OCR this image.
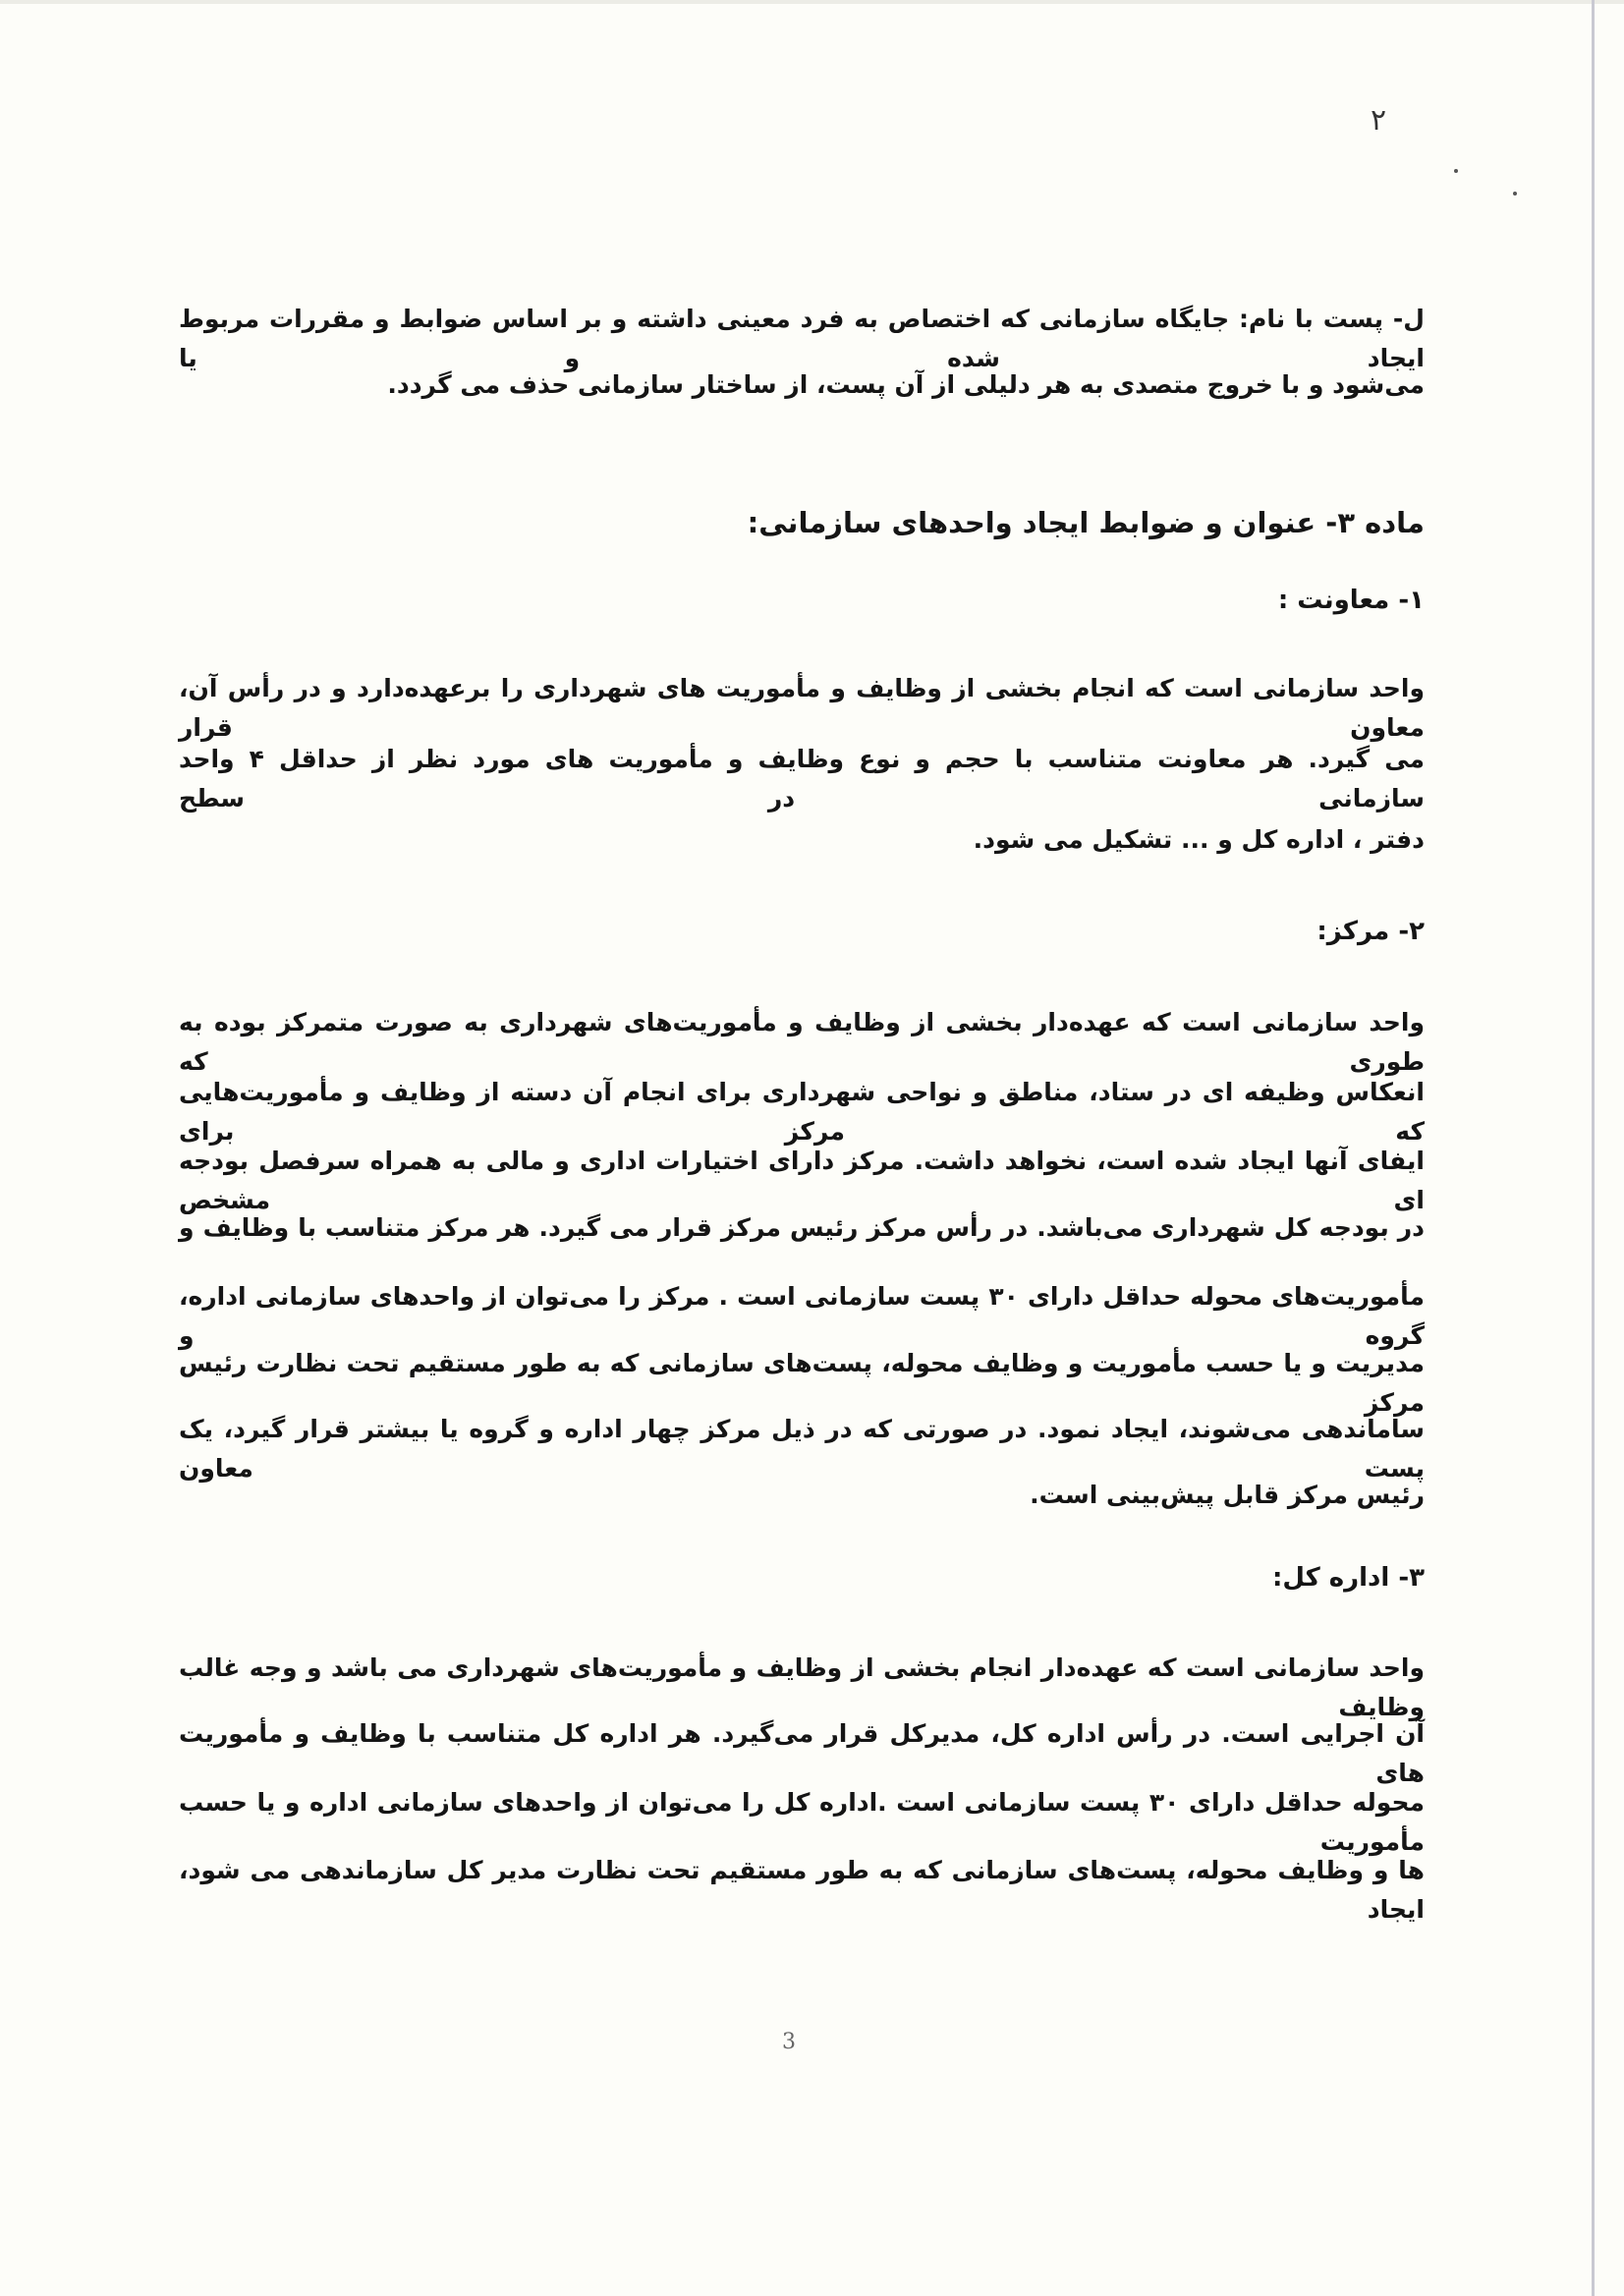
٢
ل- پست با نام: جایگاه سازمانی که اختصاص به فرد معینی داشته و بر اساس ضوابط و مقررات مربوط ایجاد شده و یا
می‌شود و با خروج متصدی به هر دلیلی از آن پست، از ساختار سازمانی حذف می گردد.
ماده ۳- عنوان و ضوابط ایجاد واحدهای سازمانی:
۱- معاونت :
واحد سازمانی است که انجام بخشی از وظایف و مأموریت های شهرداری را برعهده‌دارد و در رأس آن، معاون قرار
می گیرد. هر معاونت متناسب با حجم و نوع وظایف و مأموریت های مورد نظر از حداقل ۴ واحد سازمانی در سطح
دفتر ، اداره کل و ... تشکیل می شود.
۲- مرکز:
واحد سازمانی است که عهده‌دار بخشی از وظایف و مأموریت‌های شهرداری به صورت متمرکز بوده به طوری که
انعکاس وظیفه ای در ستاد، مناطق و نواحی شهرداری برای انجام آن دسته از وظایف و مأموریت‌هایی که مرکز برای
ایفای آنها ایجاد شده است، نخواهد داشت. مرکز دارای اختیارات اداری و مالی به همراه سرفصل بودجه ای مشخص
در بودجه کل شهرداری می‌باشد. در رأس مرکز رئیس مرکز قرار می گیرد. هر مرکز متناسب با وظایف و
مأموریت‌های محوله حداقل دارای ۳۰ پست سازمانی است . مرکز را می‌توان از واحدهای سازمانی اداره، گروه و
مدیریت و یا حسب مأموریت و وظایف محوله، پست‌های سازمانی که به طور مستقیم تحت نظارت رئیس مرکز
ساماندهی می‌شوند، ایجاد نمود. در صورتی که در ذیل مرکز چهار اداره و گروه یا بیشتر قرار گیرد، یک پست معاون
رئیس مرکز قابل پیش‌بینی است.
۳- اداره کل:
واحد سازمانی است که عهده‌دار انجام بخشی از وظایف و مأموریت‌های شهرداری می باشد و وجه غالب وظایف
آن اجرایی است. در رأس اداره کل، مدیرکل قرار می‌گیرد. هر اداره کل متناسب با وظایف و مأموریت های
محوله حداقل دارای ۳۰ پست سازمانی است .اداره کل را می‌توان از واحدهای سازمانی اداره و یا حسب مأموریت
ها و وظایف محوله، پست‌های سازمانی که به طور مستقیم تحت نظارت مدیر کل سازماندهی می شود، ایجاد
3
